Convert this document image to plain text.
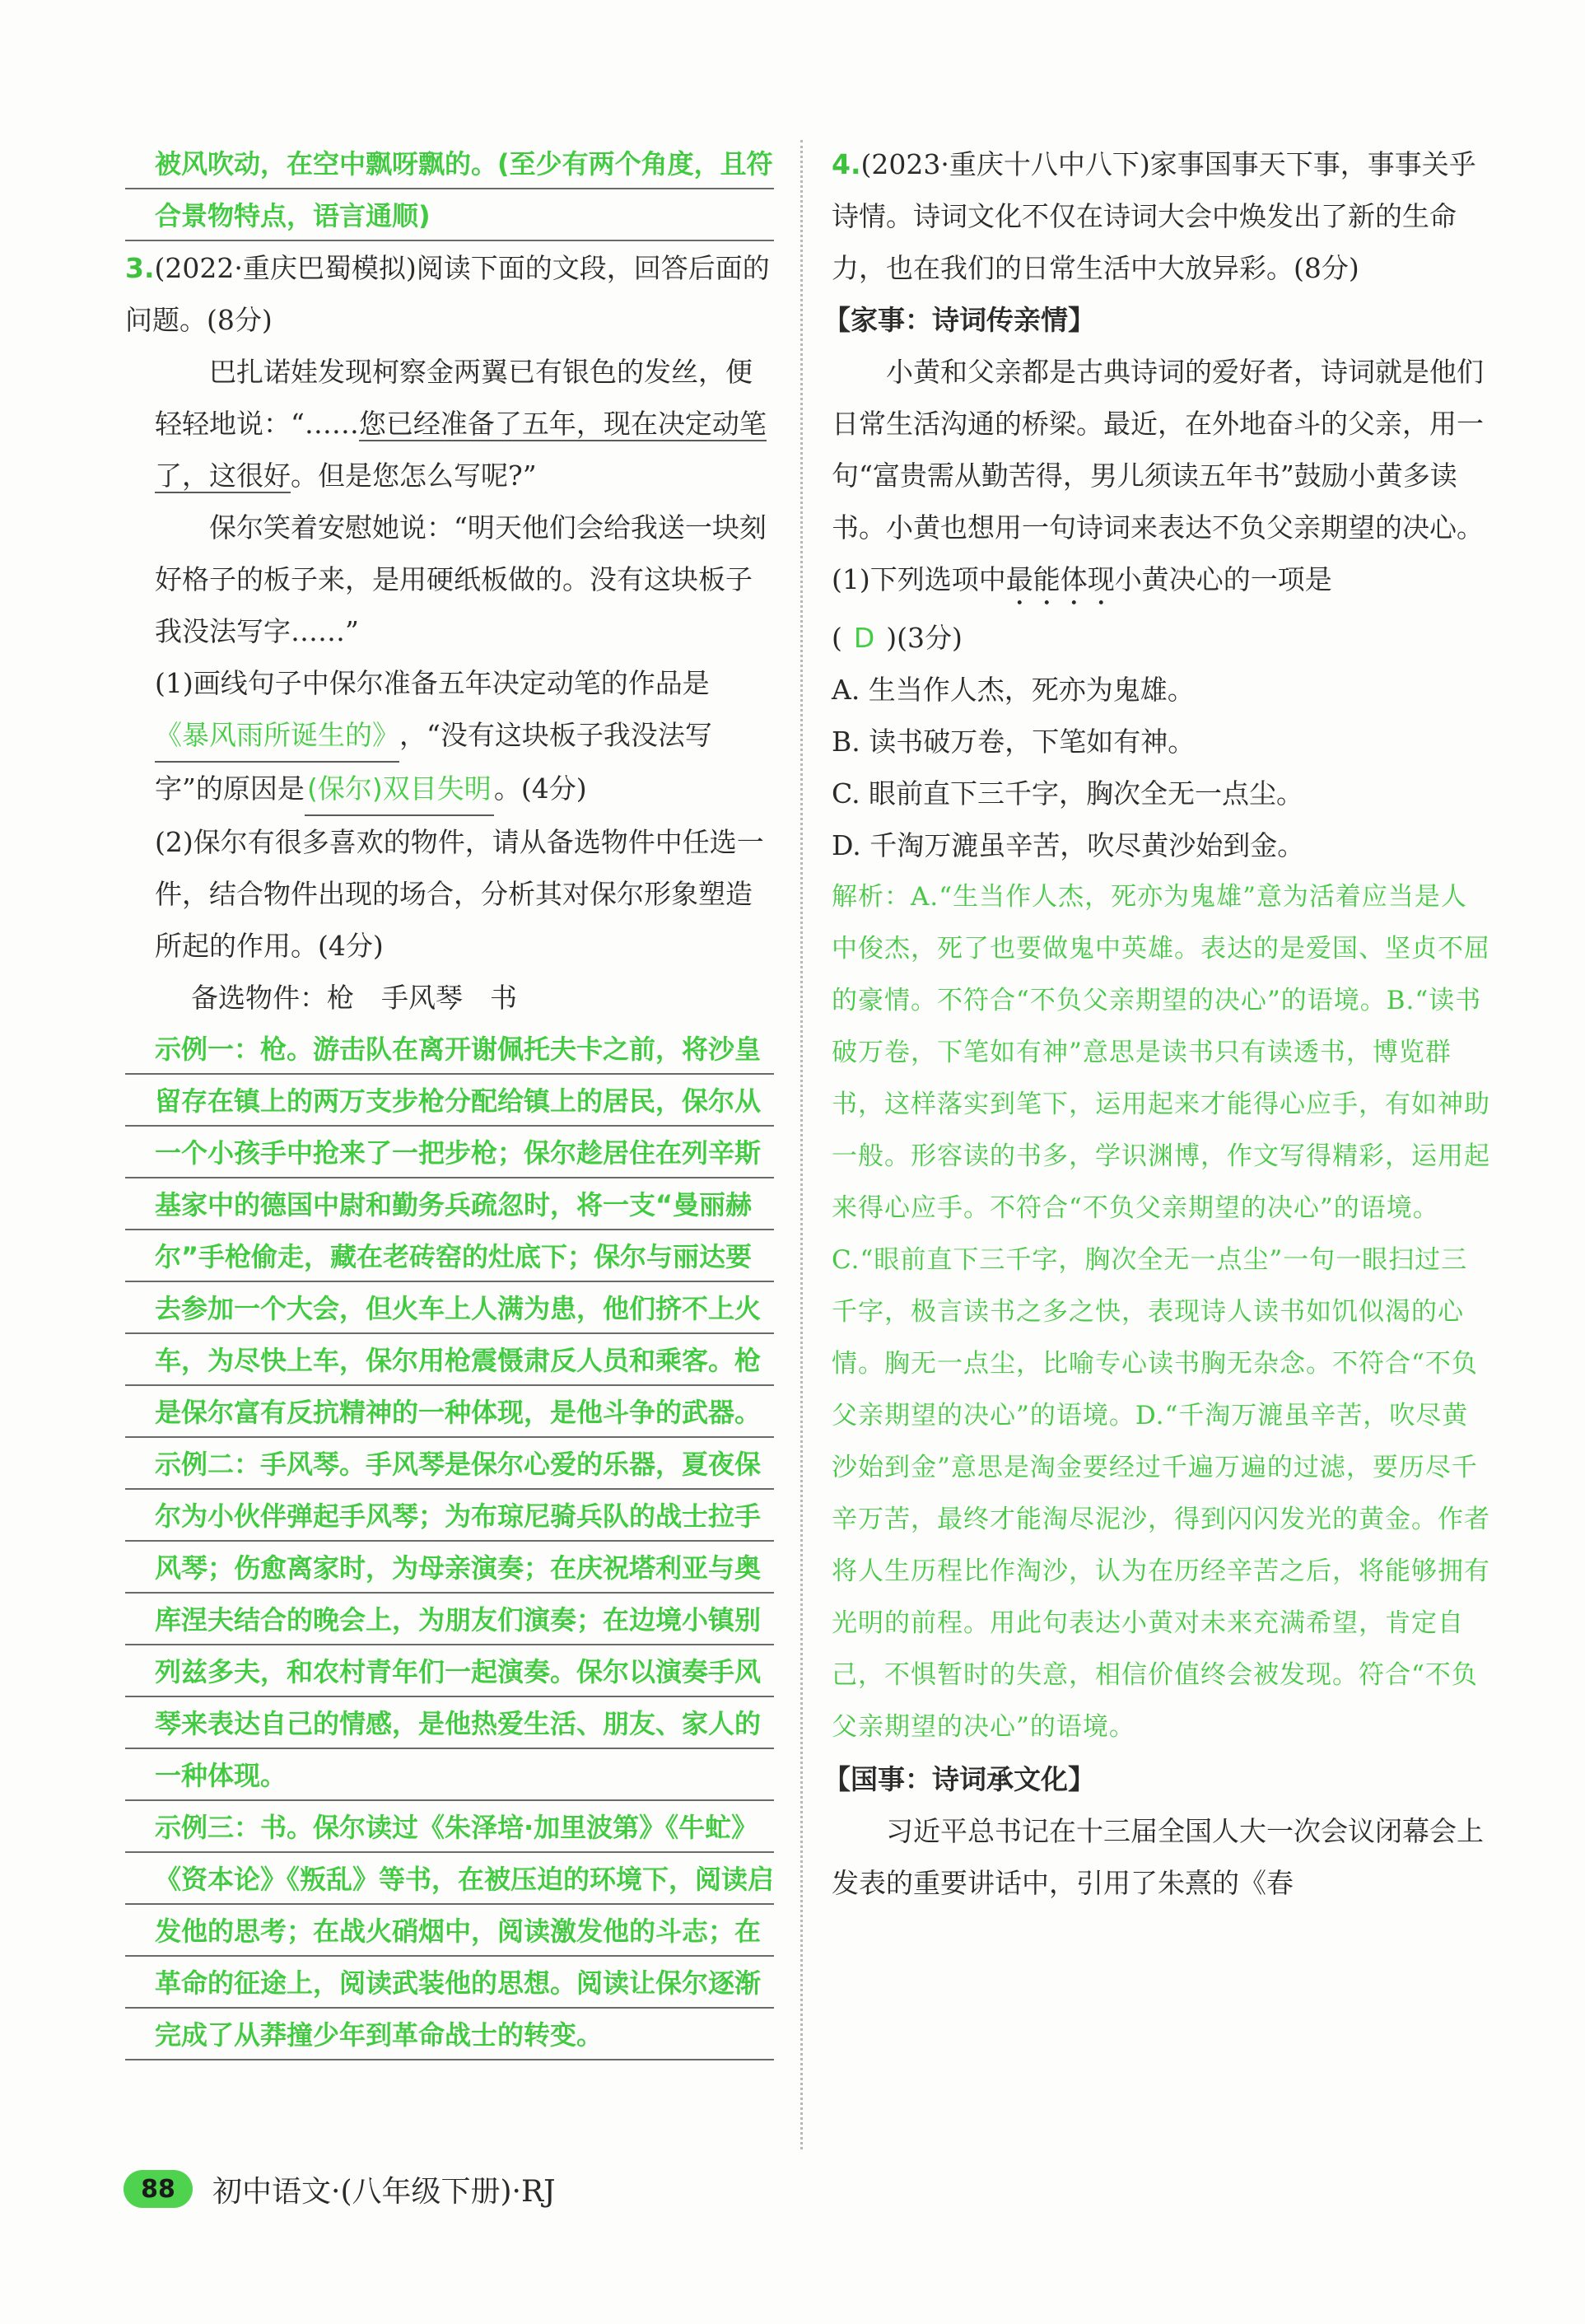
被风吹动，在空中飘呀飘的。(至少有两个角度，且符合景物特点，语言通顺)

3.(2022·重庆巴蜀模拟)阅读下面的文段，回答后面的问题。(8分)

巴扎诺娃发现柯察金两翼已有银色的发丝，便轻轻地说：“……您已经准备了五年，现在决定动笔了，这很好。但是您怎么写呢?”

保尔笑着安慰她说：“明天他们会给我送一块刻好格子的板子来，是用硬纸板做的。没有这块板子我没法写字……”

(1)画线句子中保尔准备五年决定动笔的作品是《暴风雨所诞生的》，“没有这块板子我没法写字”的原因是(保尔)双目失明。(4分)

(2)保尔有很多喜欢的物件，请从备选物件中任选一件，结合物件出现的场合，分析其对保尔形象塑造所起的作用。(4分)

备选物件：枪　手风琴　书

示例一：枪。游击队在离开谢佩托夫卡之前，将沙皇留存在镇上的两万支步枪分配给镇上的居民，保尔从一个小孩手中抢来了一把步枪；保尔趁居住在列辛斯基家中的德国中尉和勤务兵疏忽时，将一支“曼丽赫尔”手枪偷走，藏在老砖窑的灶底下；保尔与丽达要去参加一个大会，但火车上人满为患，他们挤不上火车，为尽快上车，保尔用枪震慑肃反人员和乘客。枪是保尔富有反抗精神的一种体现，是他斗争的武器。

示例二：手风琴。手风琴是保尔心爱的乐器，夏夜保尔为小伙伴弹起手风琴；为布琼尼骑兵队的战士拉手风琴；伤愈离家时，为母亲演奏；在庆祝塔利亚与奥库涅夫结合的晚会上，为朋友们演奏；在边境小镇别列兹多夫，和农村青年们一起演奏。保尔以演奏手风琴来表达自己的情感，是他热爱生活、朋友、家人的一种体现。

示例三：书。保尔读过《朱泽培·加里波第》《牛虻》《资本论》《叛乱》等书，在被压迫的环境下，阅读启发他的思考；在战火硝烟中，阅读激发他的斗志；在革命的征途上，阅读武装他的思想。阅读让保尔逐渐完成了从莽撞少年到革命战士的转变。

4.(2023·重庆十八中八下)家事国事天下事，事事关乎诗情。诗词文化不仅在诗词大会中焕发出了新的生命力，也在我们的日常生活中大放异彩。(8分)

【家事：诗词传亲情】

小黄和父亲都是古典诗词的爱好者，诗词就是他们日常生活沟通的桥梁。最近，在外地奋斗的父亲，用一句“富贵需从勤苦得，男儿须读五年书”鼓励小黄多读书。小黄也想用一句诗词来表达不负父亲期望的决心。

(1)下列选项中最能体现小黄决心的一项是
( D )(3分)

A. 生当作人杰，死亦为鬼雄。

B. 读书破万卷，下笔如有神。

C. 眼前直下三千字，胸次全无一点尘。

D. 千淘万漉虽辛苦，吹尽黄沙始到金。

解析：A.“生当作人杰，死亦为鬼雄”意为活着应当是人中俊杰，死了也要做鬼中英雄。表达的是爱国、坚贞不屈的豪情。不符合“不负父亲期望的决心”的语境。B.“读书破万卷，下笔如有神”意思是读书只有读透书，博览群书，这样落实到笔下，运用起来才能得心应手，有如神助一般。形容读的书多，学识渊博，作文写得精彩，运用起来得心应手。不符合“不负父亲期望的决心”的语境。C.“眼前直下三千字，胸次全无一点尘”一句一眼扫过三千字，极言读书之多之快，表现诗人读书如饥似渴的心情。胸无一点尘，比喻专心读书胸无杂念。不符合“不负父亲期望的决心”的语境。D.“千淘万漉虽辛苦，吹尽黄沙始到金”意思是淘金要经过千遍万遍的过滤，要历尽千辛万苦，最终才能淘尽泥沙，得到闪闪发光的黄金。作者将人生历程比作淘沙，认为在历经辛苦之后，将能够拥有光明的前程。用此句表达小黄对未来充满希望，肯定自己，不惧暂时的失意，相信价值终会被发现。符合“不负父亲期望的决心”的语境。

【国事：诗词承文化】

习近平总书记在十三届全国人大一次会议闭幕会上发表的重要讲话中，引用了朱熹的《春

88	初中语文·(八年级下册)·RJ
